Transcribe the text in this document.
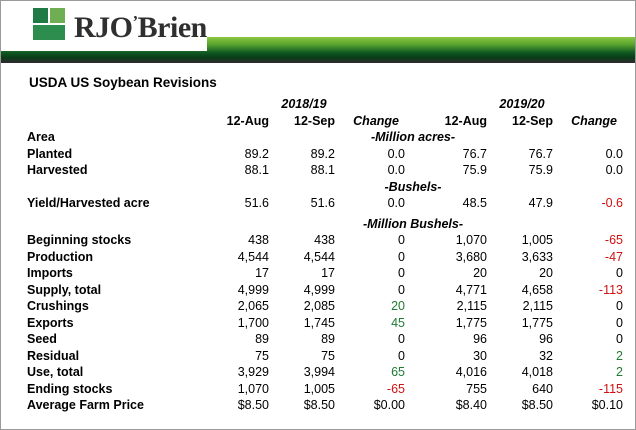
RJO’Brien
USDA US Soybean Revisions
	2018/19				2019/20		
	12-Aug	12-Sep	Change		12-Aug	12-Sep	Change
Area	-Million acres-						
Planted	89.2	89.2	0.0		76.7	76.7	0.0
Harvested	88.1	88.1	0.0		75.9	75.9	0.0
	-Bushels-						
Yield/Harvested acre	51.6	51.6	0.0		48.5	47.9	-0.6

	-Million Bushels-						
Beginning stocks	438	438	0		1,070	1,005	-65
Production	4,544	4,544	0		3,680	3,633	-47
Imports	17	17	0		20	20	0
Supply, total	4,999	4,999	0		4,771	4,658	-113
Crushings	2,065	2,085	20		2,115	2,115	0
Exports	1,700	1,745	45		1,775	1,775	0
Seed	89	89	0		96	96	0
Residual	75	75	0		30	32	2
Use, total	3,929	3,994	65		4,016	4,018	2
Ending stocks	1,070	1,005	-65		755	640	-115
Average Farm Price	$8.50	$8.50	$0.00		$8.40	$8.50	$0.10
